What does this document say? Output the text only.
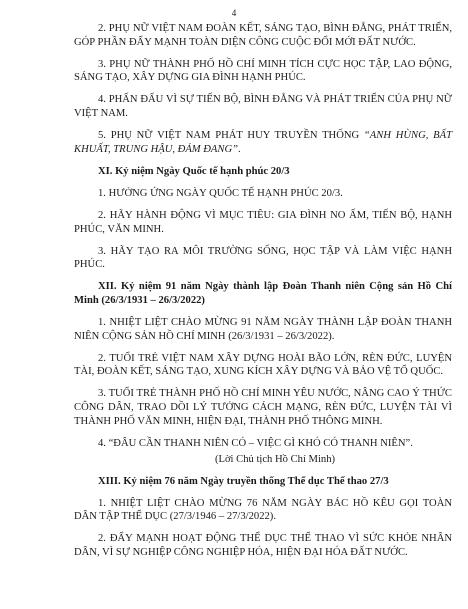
4

2. PHỤ NỮ VIỆT NAM ĐOÀN KẾT, SÁNG TẠO, BÌNH ĐẲNG, PHÁT TRIỂN, GÓP PHẦN ĐẨY MẠNH TOÀN DIỆN CÔNG CUỘC ĐỔI MỚI ĐẤT NƯỚC.

3. PHỤ NỮ THÀNH PHỐ HỒ CHÍ MINH TÍCH CỰC HỌC TẬP, LAO ĐỘNG, SÁNG TẠO, XÂY DỰNG GIA ĐÌNH HẠNH PHÚC.

4. PHẤN ĐẤU VÌ SỰ TIẾN BỘ, BÌNH ĐẲNG VÀ PHÁT TRIỂN CỦA PHỤ NỮ VIỆT NAM.

5. PHỤ NỮ VIỆT NAM PHÁT HUY TRUYỀN THỐNG “ANH HÙNG, BẤT KHUẤT, TRUNG HẬU, ĐẢM ĐANG”.

XI. Kỷ niệm Ngày Quốc tế hạnh phúc 20/3

1. HƯỞNG ỨNG NGÀY QUỐC TẾ HẠNH PHÚC 20/3.

2. HÃY HÀNH ĐỘNG VÌ MỤC TIÊU: GIA ĐÌNH NO ẤM, TIẾN BỘ, HẠNH PHÚC, VĂN MINH.

3. HÃY TẠO RA MÔI TRƯỜNG SỐNG, HỌC TẬP VÀ LÀM VIỆC HẠNH PHÚC.

XII. Kỷ niệm 91 năm Ngày thành lập Đoàn Thanh niên Cộng sản Hồ Chí Minh (26/3/1931 – 26/3/2022)

1. NHIỆT LIỆT CHÀO MỪNG 91 NĂM NGÀY THÀNH LẬP ĐOÀN THANH NIÊN CỘNG SẢN HỒ CHÍ MINH (26/3/1931 – 26/3/2022).

2. TUỔI TRẺ VIỆT NAM XÂY DỰNG HOÀI BÃO LỚN, RÈN ĐỨC, LUYỆN TÀI, ĐOÀN KẾT, SÁNG TẠO, XUNG KÍCH XÂY DỰNG VÀ BẢO VỆ TỔ QUỐC.

3. TUỔI TRẺ THÀNH PHỐ HỒ CHÍ MINH YÊU NƯỚC, NÂNG CAO Ý THỨC CÔNG DÂN, TRAO DỒI LÝ TƯỞNG CÁCH MẠNG, RÈN ĐỨC, LUYỆN TÀI VÌ THÀNH PHỐ VĂN MINH, HIỆN ĐẠI, THÀNH PHỐ THÔNG MINH.

4. “ĐÂU CẦN THANH NIÊN CÓ – VIỆC GÌ KHÓ CÓ THANH NIÊN”.

(Lời Chủ tịch Hồ Chí Minh)

XIII. Kỷ niệm 76 năm Ngày truyền thống Thể dục Thể thao 27/3

1. NHIỆT LIỆT CHÀO MỪNG 76 NĂM NGÀY BÁC HỒ KÊU GỌI TOÀN DÂN TẬP THỂ DỤC (27/3/1946 – 27/3/2022).

2. ĐẨY MẠNH HOẠT ĐỘNG THỂ DỤC THỂ THAO VÌ SỨC KHỎE NHÂN DÂN, VÌ SỰ NGHIỆP CÔNG NGHIỆP HÓA, HIỆN ĐẠI HÓA ĐẤT NƯỚC.
